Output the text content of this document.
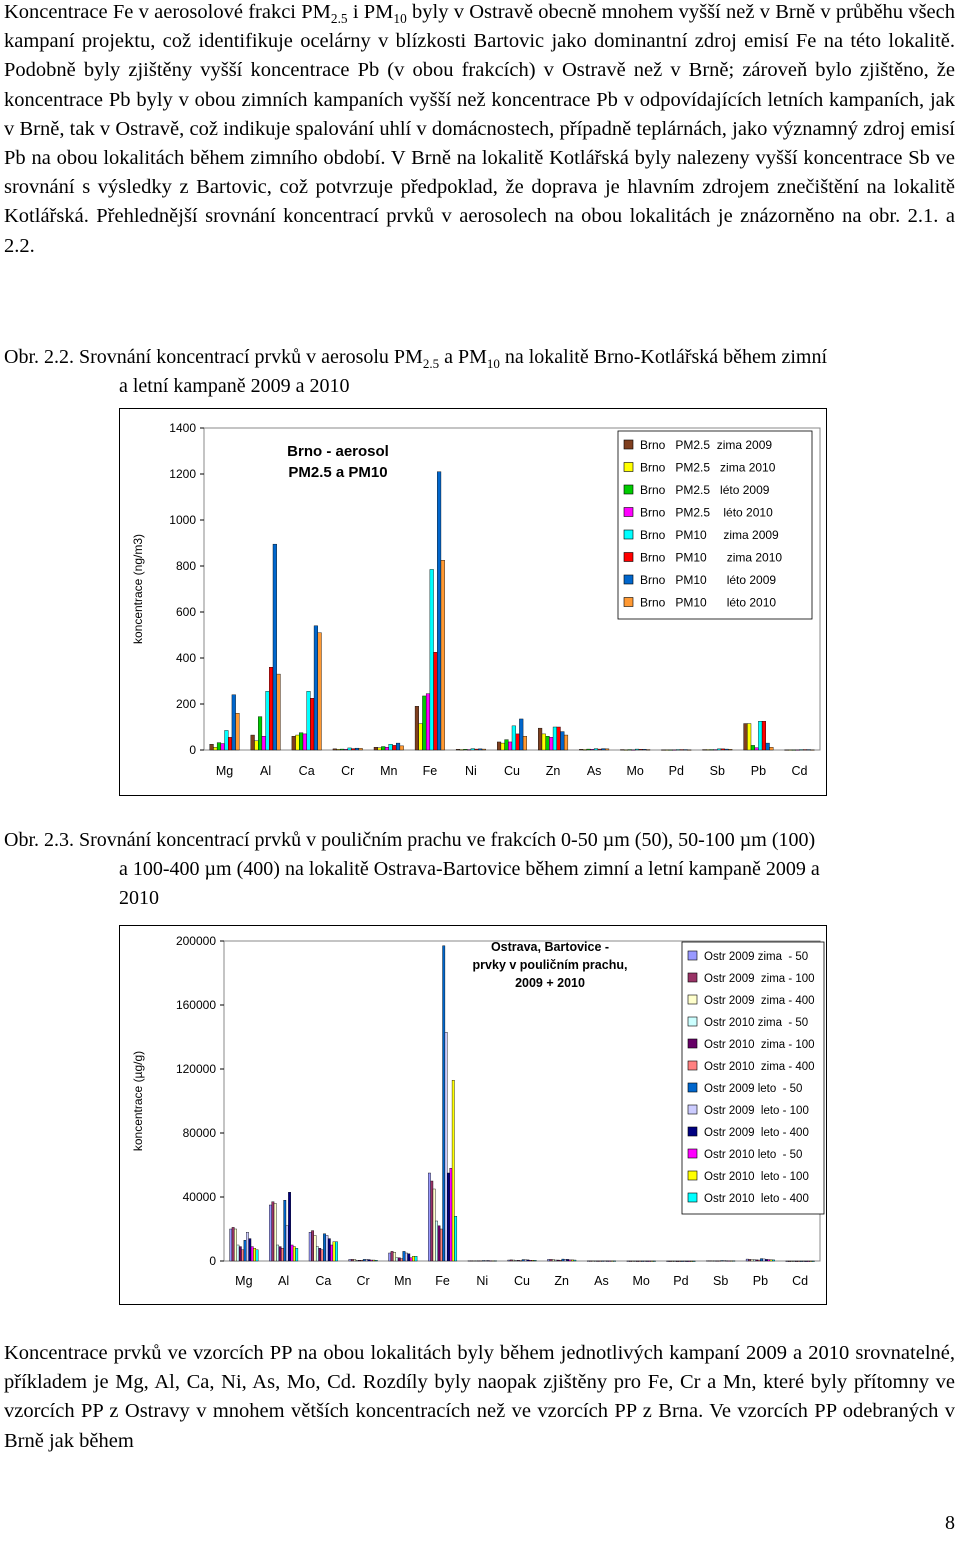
Koncentrace Fe v aerosolové frakci $PM_{2.5}$ i $PM_{10}$ byly v Ostravě obecně mnohem vyšší než v Brně v průběhu všech kampaní projektu, což identifikuje ocelárny v blízkosti Bartovic jako dominantní zdroj emisí Fe na této lokalitě. Podobně byly zjištěny vyšší koncentrace Pb (v obou frakcích) v Ostravě než v Brně; zároveň bylo zjištěno, že koncentrace Pb byly v obou zimních kampaních vyšší než koncentrace Pb v odpovídajících letních kampaních, jak v Brně, tak v Ostravě, což indikuje spalování uhlí v domácnostech, případně teplárnách, jako významný zdroj emisí Pb na obou lokalitách během zimního období. V Brně na lokalitě Kotlářská byly nalezeny vyšší koncentrace Sb ve srovnání s výsledky z Bartovic, což potvrzuje předpoklad, že doprava je hlavním zdrojem znečištění na lokalitě Kotlářská. Přehlednější srovnání koncentrací prvků v aerosolech na obou lokalitách je znázorněno na obr. 2.1. a 2.2.

Obr. 2.2. Srovnání koncentrací prvků v aerosolu $PM_{2.5}$ a $PM_{10}$ na lokalitě Brno-Kotlářská během zimní
a letní kampaně 2009 a 2010

0
200
400
600
800
1000
1200
1400
koncentrace (ng/m3)
Mg Al Ca Cr Mn Fe Ni Cu Zn As Mo Pd Sb Pb Cd
Brno - aerosol
PM2.5 a PM10
Brno   PM2.5  zima 2009
Brno   PM2.5   zima 2010
Brno   PM2.5   léto 2009
Brno   PM2.5    léto 2010
Brno   PM10     zima 2009
Brno   PM10      zima 2010
Brno   PM10      léto 2009
Brno   PM10      léto 2010

Obr. 2.3. Srovnání koncentrací prvků v pouličním prachu ve frakcích 0-50 µm (50), 50-100 µm (100)
a 100-400 µm (400) na lokalitě Ostrava-Bartovice během zimní a letní kampaně 2009 a
2010

0
40000
80000
120000
160000
200000
koncentrace (µg/g)
Mg Al Ca Cr Mn Fe Ni Cu Zn As Mo Pd Sb Pb Cd
Ostrava, Bartovice -
prvky v pouličním prachu,
2009 + 2010
Ostr 2009 zima  - 50
Ostr 2009  zima - 100
Ostr 2009  zima - 400
Ostr 2010 zima  - 50
Ostr 2010  zima - 100
Ostr 2010  zima - 400
Ostr 2009 leto  - 50
Ostr 2009  leto - 100
Ostr 2009  leto - 400
Ostr 2010 leto  - 50
Ostr 2010  leto - 100
Ostr 2010  leto - 400

Koncentrace prvků ve vzorcích PP na obou lokalitách byly během jednotlivých kampaní 2009 a 2010 srovnatelné, příkladem je Mg, Al, Ca, Ni, As, Mo, Cd. Rozdíly byly naopak zjištěny pro Fe, Cr a Mn, které byly přítomny ve vzorcích PP z Ostravy v mnohem větších koncentracích než ve vzorcích PP z Brna. Ve vzorcích PP odebraných v Brně jak během

8
